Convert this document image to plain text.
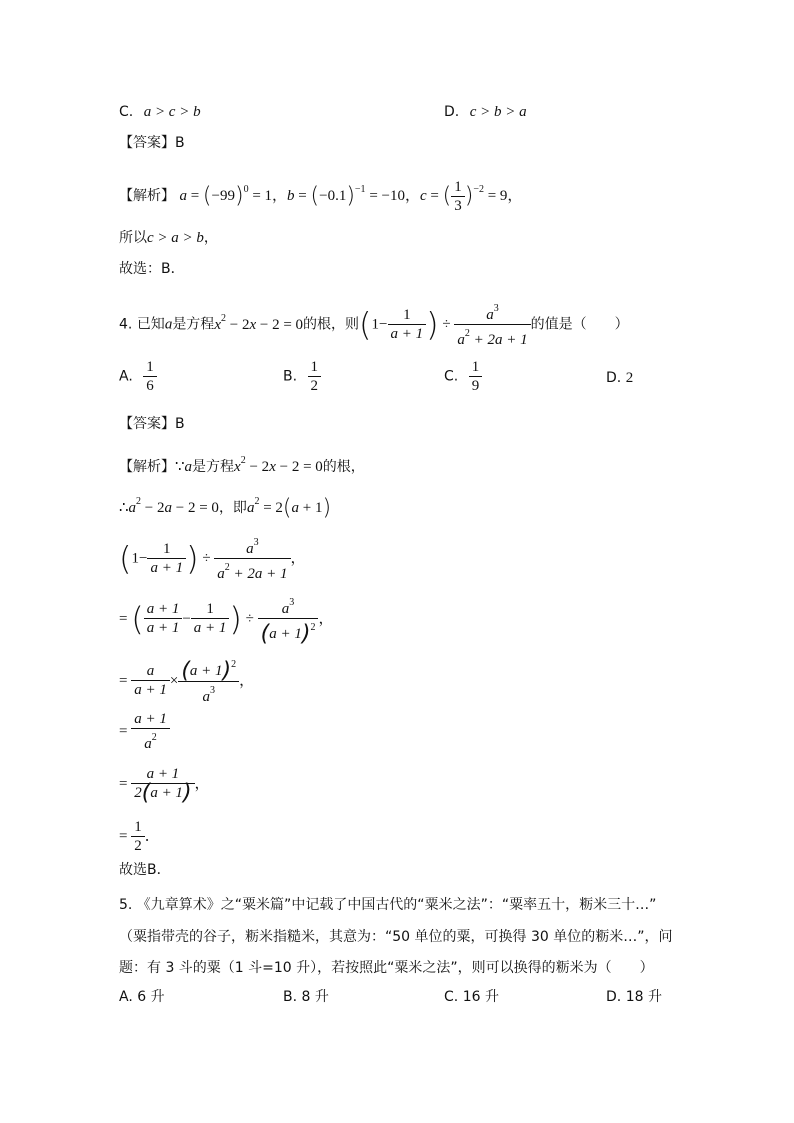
C. a > c > b	D. c > b > a
【答案】B
【解析】 $a = (-99)^0 = 1$，$b = (-0.1)^{-1} = -10$，c = ( $\frac{1}{3} )^{-2} = 9$，
所以c > a > b，
故选：B．
4. 已知a是方程$x^2 - 2x - 2 = 0$的根，则($1- \frac{1}{a + 1}$ ) ÷ $\frac{a^3}{a^2 + 2a + 1}$ 的值是（　　）
A. $\frac{1}{6}$	B. $\frac{1}{2}$	C. $\frac{1}{9}$	D. 2
【答案】B
【解析】∵a是方程$x^2 - 2x - 2 = 0$的根，
$\therefore a^2 - 2a - 2 = 0$，即$a^2 = 2(a + 1)$
($1- \frac{1}{a + 1}$ ) ÷ $\frac{a^3}{a^2 + 2a + 1}$ ，
= ( $\frac{a + 1}{a + 1} - \frac{1}{a + 1}$ ) ÷ $\frac{a^3}{(a + 1)^2}$ ，
= $\frac{a}{a + 1} \times \frac{(a + 1)^2}{a^3}$ ，
= $\frac{a + 1}{a^2}$
= $\frac{a + 1}{2(a + 1)}$ ，
= $\frac{1}{2}$ ．
故选B．
5. 《九章算术》之“粟米篇”中记载了中国古代的“粟米之法”：“粟率五十，粝米三十…”
（粟指带壳的谷子，粝米指糙米，其意为：“50 单位的粟，可换得 30 单位的粝米…”，问
题：有 3 斗的粟（1 斗=10 升），若按照此“粟米之法”，则可以换得的粝米为（　　）
A. 6 升	B. 8 升	C. 16 升	D. 18 升
